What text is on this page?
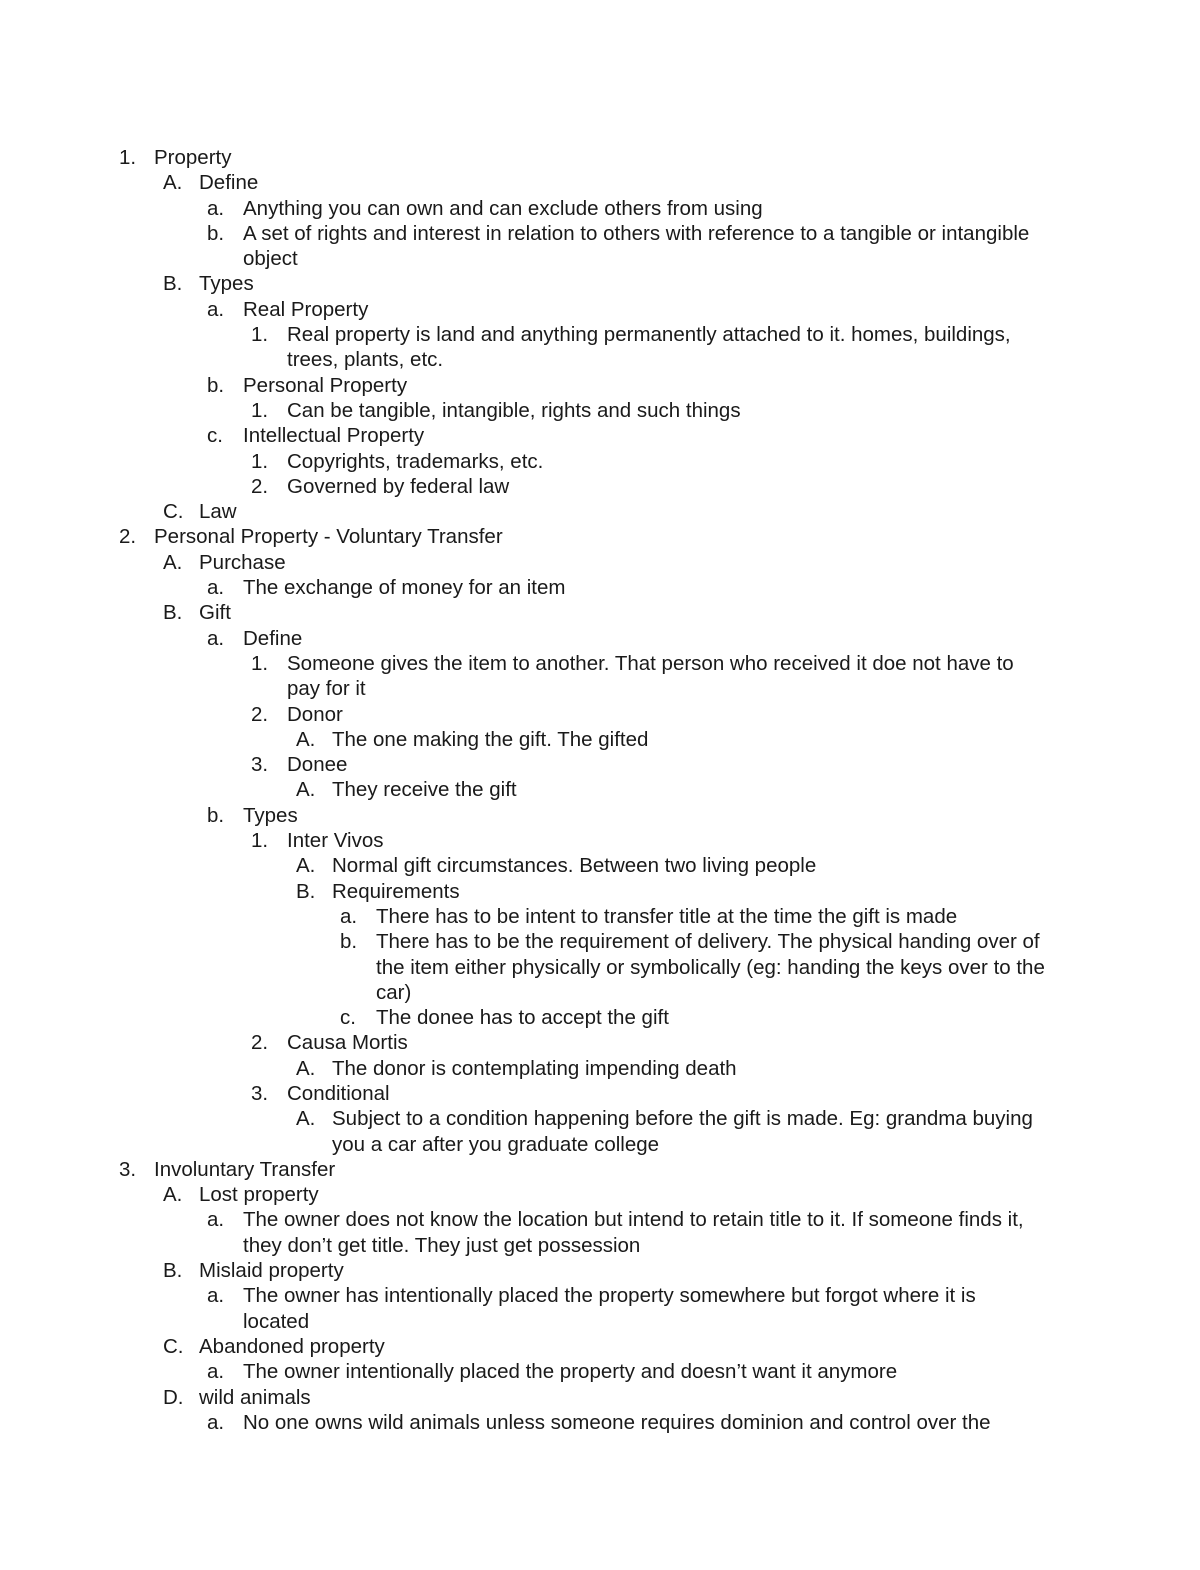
1. Property
A. Define
a. Anything you can own and can exclude others from using
b. A set of rights and interest in relation to others with reference to a tangible or intangible
object
B. Types
a. Real Property
1. Real property is land and anything permanently attached to it. homes, buildings,
trees, plants, etc.
b. Personal Property
1. Can be tangible, intangible, rights and such things
c. Intellectual Property
1. Copyrights, trademarks, etc.
2. Governed by federal law
C. Law
2. Personal Property - Voluntary Transfer
A. Purchase
a. The exchange of money for an item
B. Gift
a. Define
1. Someone gives the item to another. That person who received it doe not have to
pay for it
2. Donor
A. The one making the gift. The gifted
3. Donee
A. They receive the gift
b. Types
1. Inter Vivos
A. Normal gift circumstances. Between two living people
B. Requirements
a. There has to be intent to transfer title at the time the gift is made
b. There has to be the requirement of delivery. The physical handing over of
the item either physically or symbolically (eg: handing the keys over to the
car)
c. The donee has to accept the gift
2. Causa Mortis
A. The donor is contemplating impending death
3. Conditional
A. Subject to a condition happening before the gift is made. Eg: grandma buying
you a car after you graduate college
3. Involuntary Transfer
A. Lost property
a. The owner does not know the location but intend to retain title to it. If someone finds it,
they don’t get title. They just get possession
B. Mislaid property
a. The owner has intentionally placed the property somewhere but forgot where it is
located
C. Abandoned property
a. The owner intentionally placed the property and doesn’t want it anymore
D. wild animals
a. No one owns wild animals unless someone requires dominion and control over the
